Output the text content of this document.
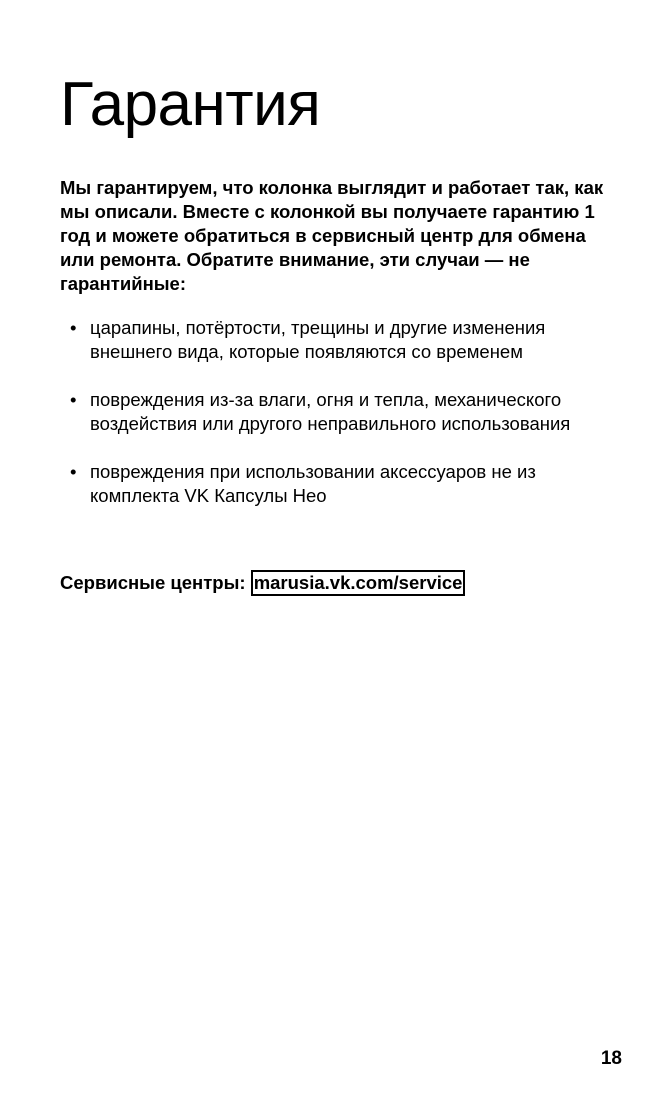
Гарантия

Мы гарантируем, что колонка выглядит и работает так, как мы описали. Вместе с колонкой вы получаете гарантию 1 год и можете обратиться в сервисный центр для обмена или ремонта. Обратите внимание, эти случаи — не гарантийные:

• царапины, потёртости, трещины и другие изменения внешнего вида, которые появляются со временем
• повреждения из-за влаги, огня и тепла, механического воздействия или другого неправильного использования
• повреждения при использовании аксессуаров не из комплекта VK Капсулы Нео

Сервисные центры: marusia.vk.com/service

18
